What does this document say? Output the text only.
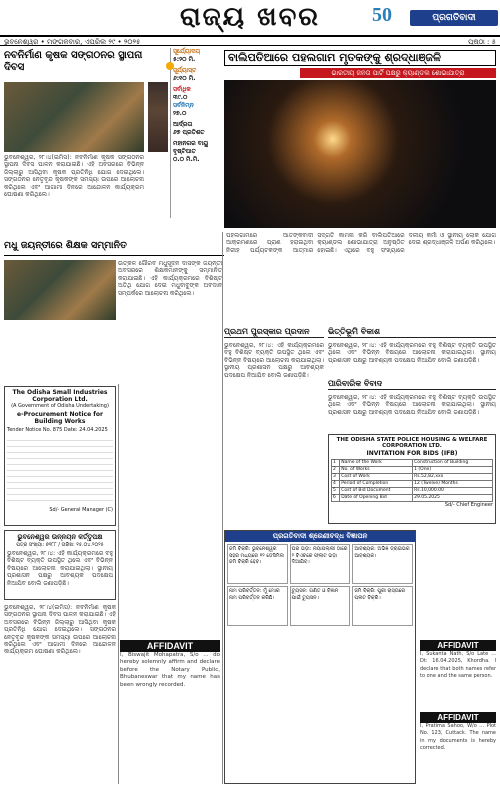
ରାଜ୍ୟ ଖବର	50	ପ୍ରଗତିବାଦୀ
ଭୁବନେଶ୍ୱର • ମଙ୍ଗଳବାର, ଏପ୍ରିଲ ୨୯ • ୨୦୨୫	ପୃଷ୍ଠା : ୫
ନବନିର୍ମାଣ କୃଷକ ସଙ୍ଗଠନର ସ୍ଥାପନା ଦିବସ

ଭୁବନେଶ୍ୱର, ୨୮।୪(ଇମିସ): ନବନିର୍ମାଣ କୃଷକ ସଙ୍ଗଠନର ସ୍ଥାପନା ଦିବସ ପାଳନ କରାଯାଇଛି। ଏହି ଅବସରରେ ବିଭିନ୍ନ ଜିଲ୍ଲାରୁ ଆସିଥିବା କୃଷକ ପ୍ରତିନିଧି ଯୋଗ ଦେଇଥିଲେ। ସଙ୍ଗଠନର ନେତୃବୃନ୍ଦ କୃଷକଙ୍କ ସମସ୍ୟା ଉପରେ ଆଲୋଚନା କରିଥିଲେ ଏବଂ ଆଗାମୀ ଦିନରେ ଆନ୍ଦୋଳନ କାର୍ଯ୍ୟକ୍ରମ ଘୋଷଣା କରିଥିଲେ।

ସୂର୍ଯ୍ୟୋଦୟ
୫:୨୦ ମି.
ସୂର୍ଯ୍ୟାସ୍ତ
୬:୧୦ ମି.
ସର୍ବାଧିକ
୩୯.୦
ସର୍ବନିମ୍ନ
୨୭.୦
ଆର୍ଦ୍ରତା
୬୭ ପ୍ରତିଶତ
ମହାନଗର ବାୟୁ
ବୃଷ୍ଟିପାତ
୦.୦ ମି.ମି.
ବାଲିପତିଆରେ ପହଲଗାମ ମୃତକଙ୍କୁ ଶ୍ରଦ୍ଧାଞ୍ଜଳି
ଭାରତୀୟ ଜନତା ପାର୍ଟି ପକ୍ଷରୁ କ୍ୟାଣ୍ଡଲ ଶୋଭାଯାତ୍ରା
ମଧୁ ଜୟନ୍ତୀରେ ଶିକ୍ଷକ ସମ୍ମାନିତ

ଉତ୍କଳ ଗୌରବ ମଧୁସୂଦନ ଦାସଙ୍କ ଜୟନ୍ତୀ ଅବସରରେ ଶିକ୍ଷକମାନଙ୍କୁ ସମ୍ମାନିତ କରାଯାଇଛି। ଏହି କାର୍ଯ୍ୟକ୍ରମରେ ବିଶିଷ୍ଟ ଅତିଥି ଯୋଗ ଦେଇ ମଧୁବାବୁଙ୍କ ଅବଦାନ ସମ୍ପର୍କରେ ଆଲୋଚନା କରିଥିଲେ।

ପହଲଗାମରେ ଆତଙ୍କବାଦୀ ଆକ୍ରମଣରେ ପ୍ରାଣ ହରାଇଥିବା ନିରୀହ ପର୍ଯ୍ୟଟକଙ୍କ ଆତ୍ମାର ସଦ୍ଗତି କାମନା କରି ବାଲିପତିଆରେ କ୍ୟାଣ୍ଡଲ ଶୋଭାଯାତ୍ରା ଅନୁଷ୍ଠିତ ହୋଇଛି। ଏଥିରେ ବହୁ ସଂଖ୍ୟାରେ ଦଳୀୟ କର୍ମୀ ଓ ସ୍ଥାନୀୟ ଲୋକ ଯୋଗ ଦେଇ ଶ୍ରଦ୍ଧାଞ୍ଜଳି ଅର୍ପଣ କରିଥିଲେ।

ପ୍ରଥମ ପୁରସ୍କାର ପ୍ରଦାନ

ଭୁବନେଶ୍ୱର, ୨୮।୪: ଏହି କାର୍ଯ୍ୟକ୍ରମରେ ବହୁ ବିଶିଷ୍ଟ ବ୍ୟକ୍ତି ଉପସ୍ଥିତ ଥିଲେ ଏବଂ ବିଭିନ୍ନ ବିଷୟରେ ଆଲୋଚନା କରାଯାଇଥିଲା। ସ୍ଥାନୀୟ ପ୍ରଶାସନ ପକ୍ଷରୁ ଆବଶ୍ୟକ ପଦକ୍ଷେପ ନିଆଯିବ ବୋଲି ଜଣାପଡ଼ିଛି।

ଭିତ୍ତିଭୂମି ବିକାଶ

ଭୁବନେଶ୍ୱର, ୨୮।୪: ଏହି କାର୍ଯ୍ୟକ୍ରମରେ ବହୁ ବିଶିଷ୍ଟ ବ୍ୟକ୍ତି ଉପସ୍ଥିତ ଥିଲେ ଏବଂ ବିଭିନ୍ନ ବିଷୟରେ ଆଲୋଚନା କରାଯାଇଥିଲା। ସ୍ଥାନୀୟ ପ୍ରଶାସନ ପକ୍ଷରୁ ଆବଶ୍ୟକ ପଦକ୍ଷେପ ନିଆଯିବ ବୋଲି ଜଣାପଡ଼ିଛି।

ପାରିବାରିକ ବିବାଦ

ଭୁବନେଶ୍ୱର, ୨୮।୪: ଏହି କାର୍ଯ୍ୟକ୍ରମରେ ବହୁ ବିଶିଷ୍ଟ ବ୍ୟକ୍ତି ଉପସ୍ଥିତ ଥିଲେ ଏବଂ ବିଭିନ୍ନ ବିଷୟରେ ଆଲୋଚନା କରାଯାଇଥିଲା। ସ୍ଥାନୀୟ ପ୍ରଶାସନ ପକ୍ଷରୁ ଆବଶ୍ୟକ ପଦକ୍ଷେପ ନିଆଯିବ ବୋଲି ଜଣାପଡ଼ିଛି।

The Odisha Small Industries Corporation Ltd.
(A Government of Odisha Undertaking)
e-Procurement Notice for Building Works
Tender Notice No. 875 Date: 24.04.2025
Sd/- General Manager (C)
THE ODISHA STATE POLICE HOUSING & WELFARE CORPORATION LTD.
INVITATION FOR BIDS (IFB)
1	Name of the Work	Construction of Building
2	No. of Works	1 (One)
3	Cost of Work	Rs.52,82,xxx
4	Period of Completion	12 (Twelve) Months
5	Cost of Bid Document	Rs.10,000.00
6	Date of Opening Bid	29.05.2025
Sd/- Chief Engineer
ଭୁବନେଶ୍ୱର ଉନ୍ନୟନ କର୍ତ୍ତୃପକ୍ଷ
ପତ୍ର ସଂଖ୍ୟା: ୭୧୮୮ / ତାରିଖ: ୧୫.୦୪.୨୦୨୫

ଭୁବନେଶ୍ୱର, ୨୮।୪: ଏହି କାର୍ଯ୍ୟକ୍ରମରେ ବହୁ ବିଶିଷ୍ଟ ବ୍ୟକ୍ତି ଉପସ୍ଥିତ ଥିଲେ ଏବଂ ବିଭିନ୍ନ ବିଷୟରେ ଆଲୋଚନା କରାଯାଇଥିଲା। ସ୍ଥାନୀୟ ପ୍ରଶାସନ ପକ୍ଷରୁ ଆବଶ୍ୟକ ପଦକ୍ଷେପ ନିଆଯିବ ବୋଲି ଜଣାପଡ଼ିଛି।

AFFIDAVIT

I, Biswajit Mohapatra, S/o ... do hereby solemnly affirm and declare before the Notary Public, Bhubaneswar that my name has been wrongly recorded.

AFFIDAVIT

I, Sukanta Nath, S/o Late ... Dt: 16.04.2025, Khordha. I declare that both names refer to one and the same person.

AFFIDAVIT

I, Pratima Sahoo, W/o ... Plot No. 123, Cuttack. The name in my documents is hereby corrected.

ପ୍ରଗତିବାଦୀ ଶ୍ରେଣୀବଦ୍ଧ ବିଜ୍ଞାପନ
ଜମି ବିକ୍ରି: ଭୁବନେଶ୍ୱର ସହର ମଧ୍ୟରେ ୧୨ ଡେସିମିଲ ଜମି ବିକ୍ରି ହେବ।
ଘର ଭଡ଼ା: ନୟାପଲ୍ଲୀ ଠାରେ ୨ ବିଏଚକେ ଫ୍ଲାଟ ଭଡ଼ା ଦିଆଯିବ।
ଆବଶ୍ୟକ: ଅଭିଜ୍ଞ ଡ୍ରାଇଭର ଆବଶ୍ୟକ।
ନାମ ପରିବର୍ତ୍ତନ: ମୁଁ ମୋର ନାମ ପରିବର୍ତ୍ତନ କରିଛି।
ଟ୍ୟୁସନ: ଗଣିତ ଓ ବିଜ୍ଞାନ ପାଇଁ ଟ୍ୟୁସନ।
ଜମି ବିକ୍ରି: ପୁରୀ ରାସ୍ତାରେ ପ୍ଲଟ ବିକ୍ରି।

ଭୁବନେଶ୍ୱର, ୨୮।୪(ଇମିସ): ନବନିର୍ମାଣ କୃଷକ ସଙ୍ଗଠନର ସ୍ଥାପନା ଦିବସ ପାଳନ କରାଯାଇଛି। ଏହି ଅବସରରେ ବିଭିନ୍ନ ଜିଲ୍ଲାରୁ ଆସିଥିବା କୃଷକ ପ୍ରତିନିଧି ଯୋଗ ଦେଇଥିଲେ। ସଙ୍ଗଠନର ନେତୃବୃନ୍ଦ କୃଷକଙ୍କ ସମସ୍ୟା ଉପରେ ଆଲୋଚନା କରିଥିଲେ ଏବଂ ଆଗାମୀ ଦିନରେ ଆନ୍ଦୋଳନ କାର୍ଯ୍ୟକ୍ରମ ଘୋଷଣା କରିଥିଲେ।
